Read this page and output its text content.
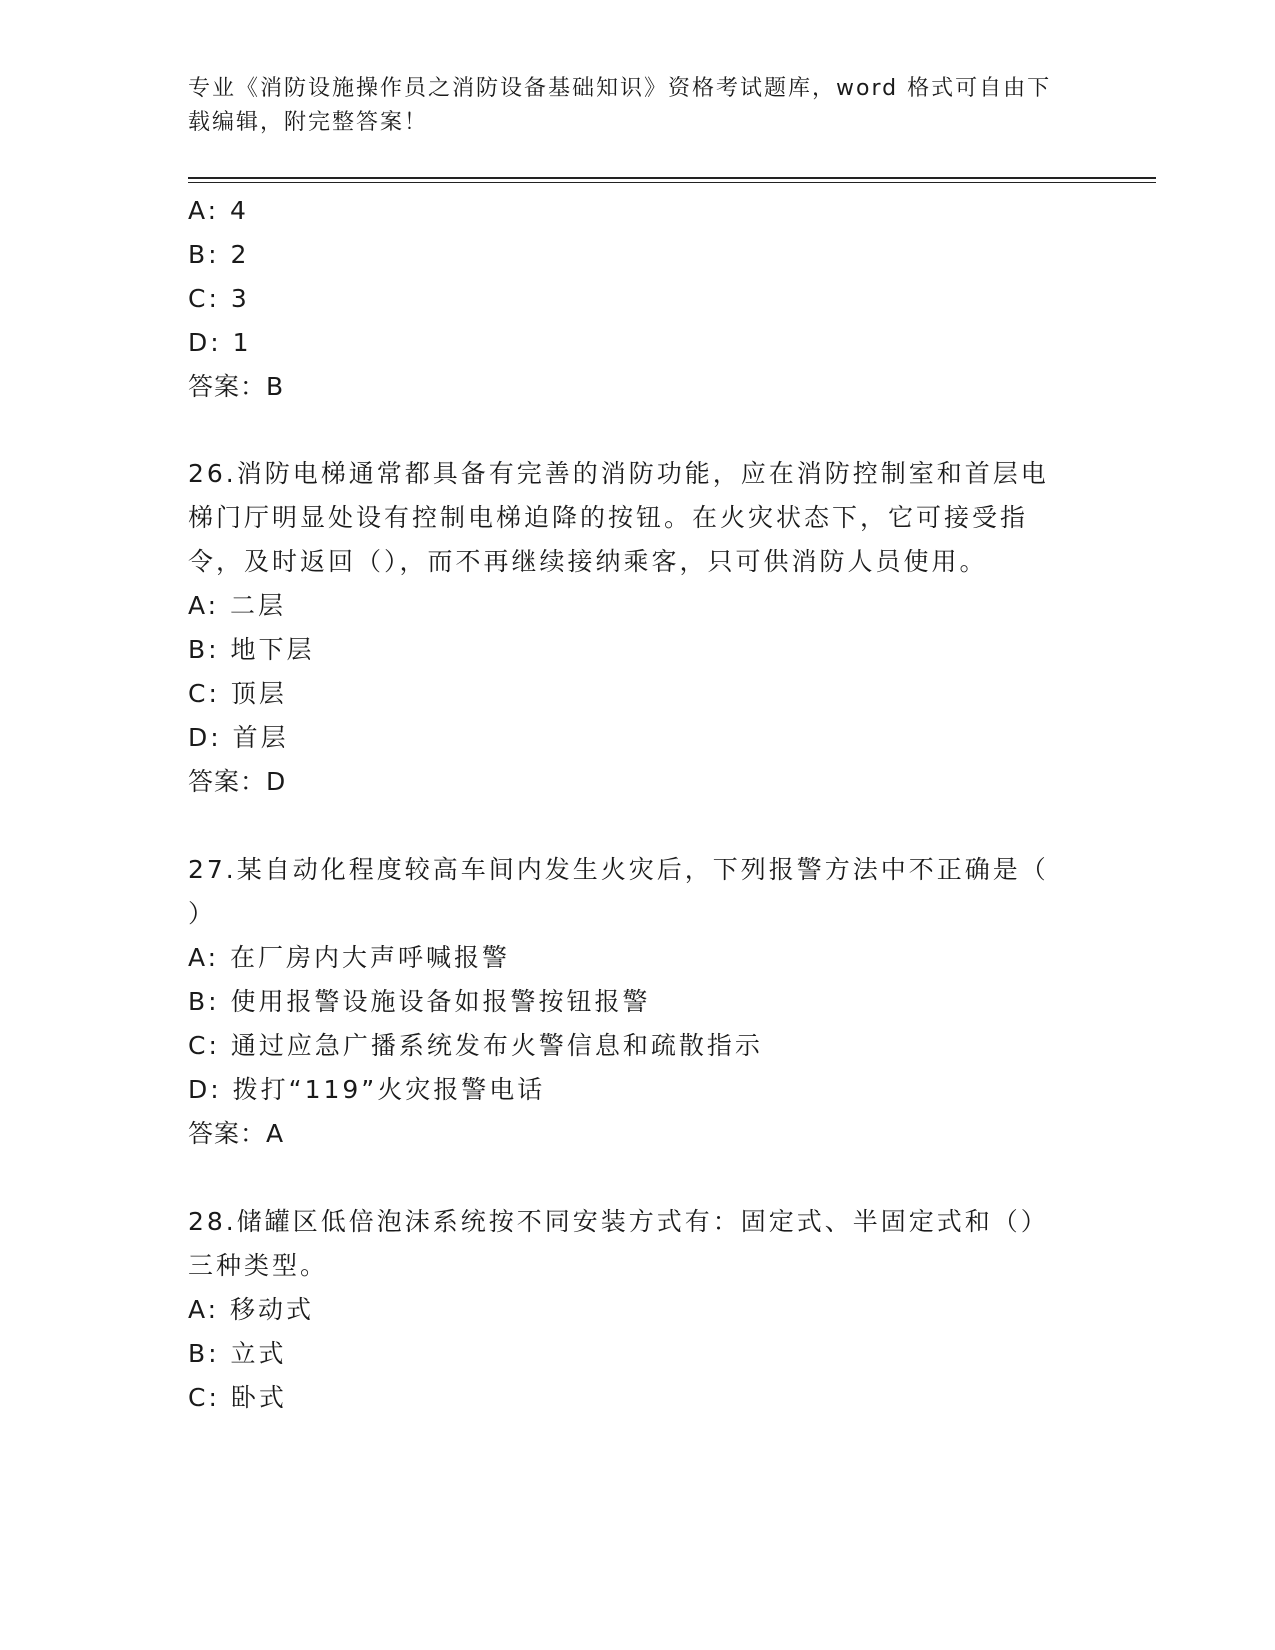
专业《消防设施操作员之消防设备基础知识》资格考试题库，word 格式可自由下
载编辑，附完整答案！
A: 4
B: 2
C: 3
D: 1
答案：B
26.消防电梯通常都具备有完善的消防功能，应在消防控制室和首层电
梯门厅明显处设有控制电梯迫降的按钮。在火灾状态下，它可接受指
令，及时返回（），而不再继续接纳乘客，只可供消防人员使用。
A: 二层
B: 地下层
C: 顶层
D: 首层
答案：D
27.某自动化程度较高车间内发生火灾后，下列报警方法中不正确是（
）
A: 在厂房内大声呼喊报警
B: 使用报警设施设备如报警按钮报警
C: 通过应急广播系统发布火警信息和疏散指示
D: 拨打“119”火灾报警电话
答案：A
28.储罐区低倍泡沫系统按不同安装方式有：固定式、半固定式和（）
三种类型。
A: 移动式
B: 立式
C: 卧式
